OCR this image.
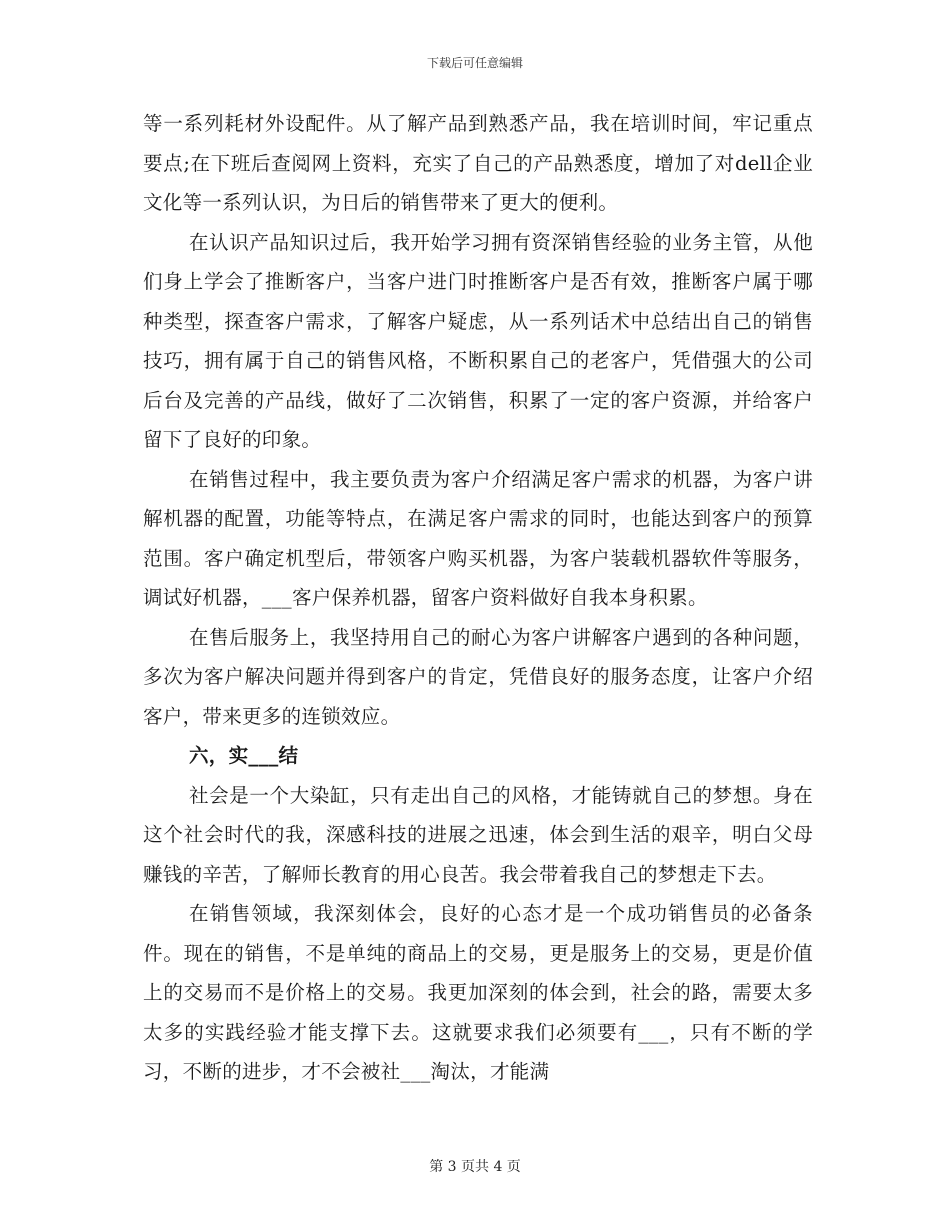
下载后可任意编辑

等一系列耗材外设配件。从了解产品到熟悉产品，我在培训时间，牢记重点要点;在下班后查阅网上资料，充实了自己的产品熟悉度，增加了对dell企业文化等一系列认识，为日后的销售带来了更大的便利。

在认识产品知识过后，我开始学习拥有资深销售经验的业务主管，从他们身上学会了推断客户，当客户进门时推断客户是否有效，推断客户属于哪种类型，探查客户需求，了解客户疑虑，从一系列话术中总结出自己的销售技巧，拥有属于自己的销售风格，不断积累自己的老客户，凭借强大的公司后台及完善的产品线，做好了二次销售，积累了一定的客户资源，并给客户留下了良好的印象。

在销售过程中，我主要负责为客户介绍满足客户需求的机器，为客户讲解机器的配置，功能等特点，在满足客户需求的同时，也能达到客户的预算范围。客户确定机型后，带领客户购买机器，为客户装载机器软件等服务，调试好机器，___客户保养机器，留客户资料做好自我本身积累。

在售后服务上，我坚持用自己的耐心为客户讲解客户遇到的各种问题，多次为客户解决问题并得到客户的肯定，凭借良好的服务态度，让客户介绍客户，带来更多的连锁效应。

六，实___结

社会是一个大染缸，只有走出自己的风格，才能铸就自己的梦想。身在这个社会时代的我，深感科技的进展之迅速，体会到生活的艰辛，明白父母赚钱的辛苦，了解师长教育的用心良苦。我会带着我自己的梦想走下去。

在销售领域，我深刻体会，良好的心态才是一个成功销售员的必备条件。现在的销售，不是单纯的商品上的交易，更是服务上的交易，更是价值上的交易而不是价格上的交易。我更加深刻的体会到，社会的路，需要太多太多的实践经验才能支撑下去。这就要求我们必须要有___，只有不断的学习，不断的进步，才不会被社___淘汰，才能满

第 3 页共 4 页
